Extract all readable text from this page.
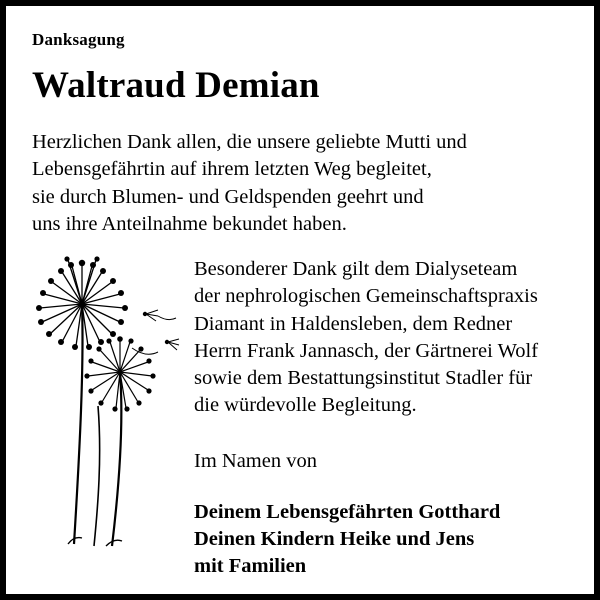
Danksagung
Waltraud Demian
Herzlichen Dank allen, die unsere geliebte Mutti und
Lebensgefährtin auf ihrem letzten Weg begleitet,
sie durch Blumen- und Geldspenden geehrt und
uns ihre Anteilnahme bekundet haben.
Besonderer Dank gilt dem Dialyseteam
der nephrologischen Gemeinschaftspraxis
Diamant in Haldensleben, dem Redner
Herrn Frank Jannasch, der Gärtnerei Wolf
sowie dem Bestattungsinstitut Stadler für
die würdevolle Begleitung.
Im Namen von
Deinem Lebensgefährten Gotthard
Deinen Kindern Heike und Jens
mit Familien
